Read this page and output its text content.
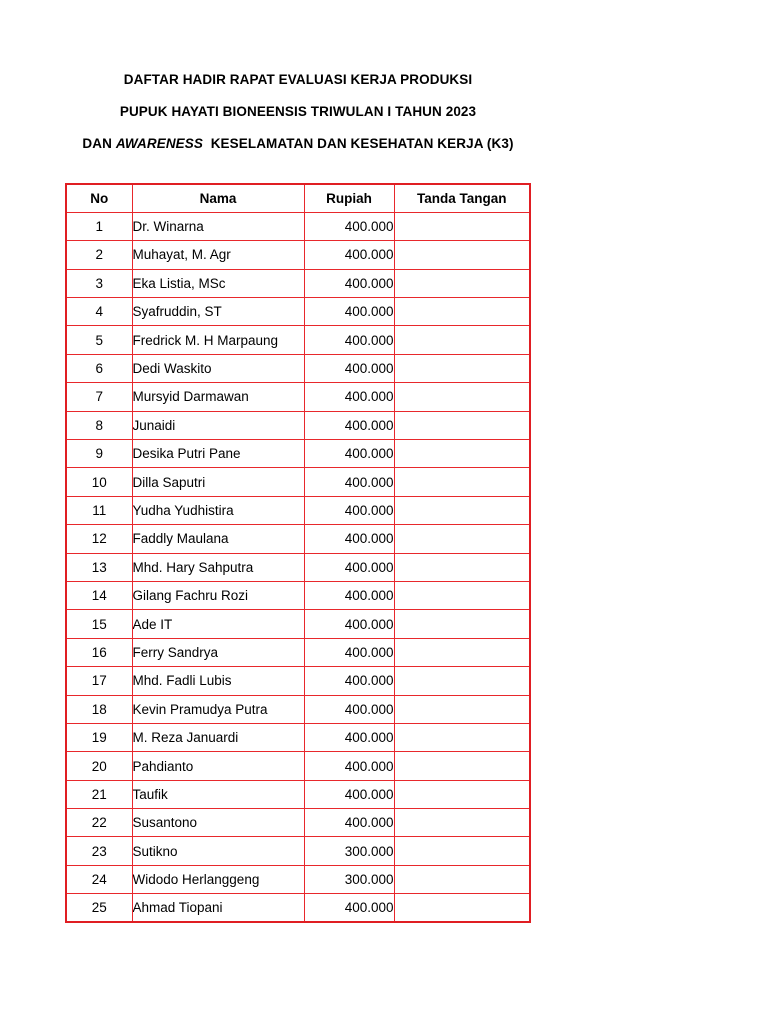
DAFTAR HADIR RAPAT EVALUASI KERJA PRODUKSI
PUPUK HAYATI BIONEENSIS TRIWULAN I TAHUN 2023
DAN AWARENESS  KESELAMATAN DAN KESEHATAN KERJA (K3)
No	Nama	Rupiah	Tanda Tangan
1	Dr. Winarna	400.000	
2	Muhayat, M. Agr	400.000	
3	Eka Listia, MSc	400.000	
4	Syafruddin, ST	400.000	
5	Fredrick M. H Marpaung	400.000	
6	Dedi Waskito	400.000	
7	Mursyid Darmawan	400.000	
8	Junaidi	400.000	
9	Desika Putri Pane	400.000	
10	Dilla Saputri	400.000	
11	Yudha Yudhistira	400.000	
12	Faddly Maulana	400.000	
13	Mhd. Hary Sahputra	400.000	
14	Gilang Fachru Rozi	400.000	
15	Ade IT	400.000	
16	Ferry Sandrya	400.000	
17	Mhd. Fadli Lubis	400.000	
18	Kevin Pramudya Putra	400.000	
19	M. Reza Januardi	400.000	
20	Pahdianto	400.000	
21	Taufik	400.000	
22	Susantono	400.000	
23	Sutikno	300.000	
24	Widodo Herlanggeng	300.000	
25	Ahmad Tiopani	400.000	
